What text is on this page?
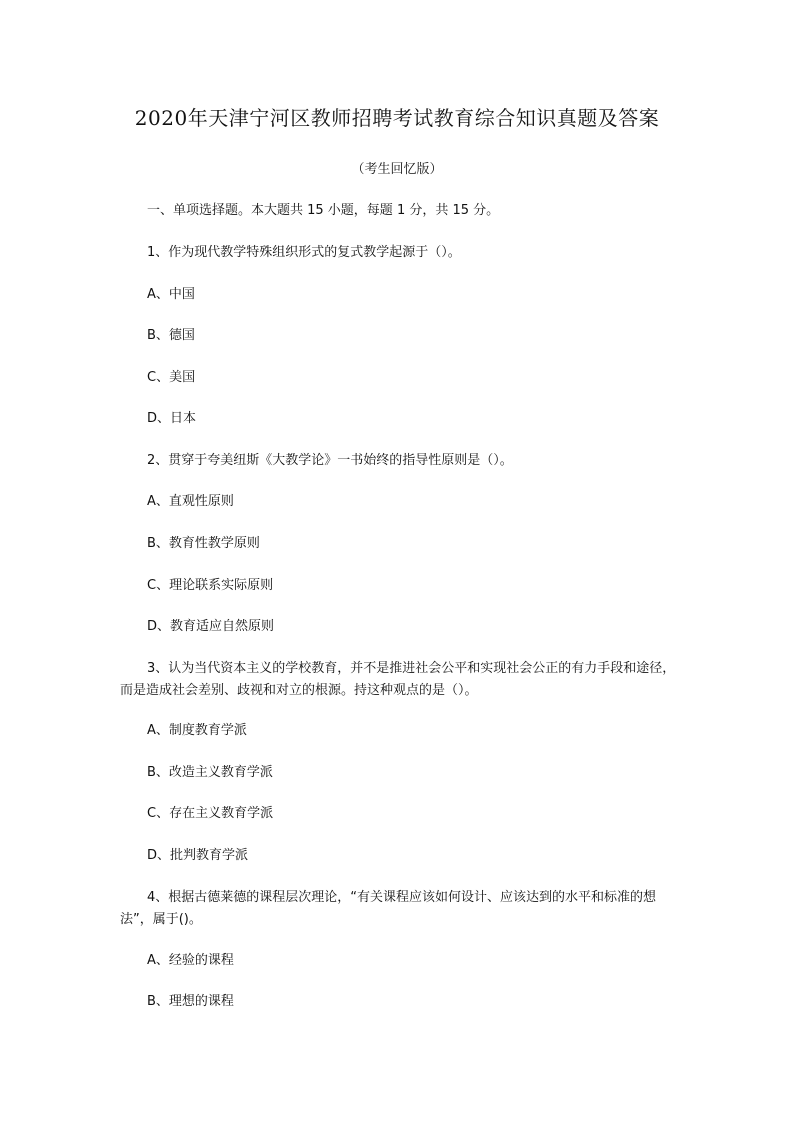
2020年天津宁河区教师招聘考试教育综合知识真题及答案
（考生回忆版）
一、单项选择题。本大题共 15 小题，每题 1 分，共 15 分。
1、作为现代教学特殊组织形式的复式教学起源于（）。
A、中国
B、德国
C、美国
D、日本
2、贯穿于夸美纽斯《大教学论》一书始终的指导性原则是（）。
A、直观性原则
B、教育性教学原则
C、理论联系实际原则
D、教育适应自然原则
3、认为当代资本主义的学校教育，并不是推进社会公平和实现社会公正的有力手段和途径，而是造成社会差别、歧视和对立的根源。持这种观点的是（）。
A、制度教育学派
B、改造主义教育学派
C、存在主义教育学派
D、批判教育学派
4、根据古德莱德的课程层次理论，“有关课程应该如何设计、应该达到的水平和标准的想法”，属于()。
A、经验的课程
B、理想的课程
